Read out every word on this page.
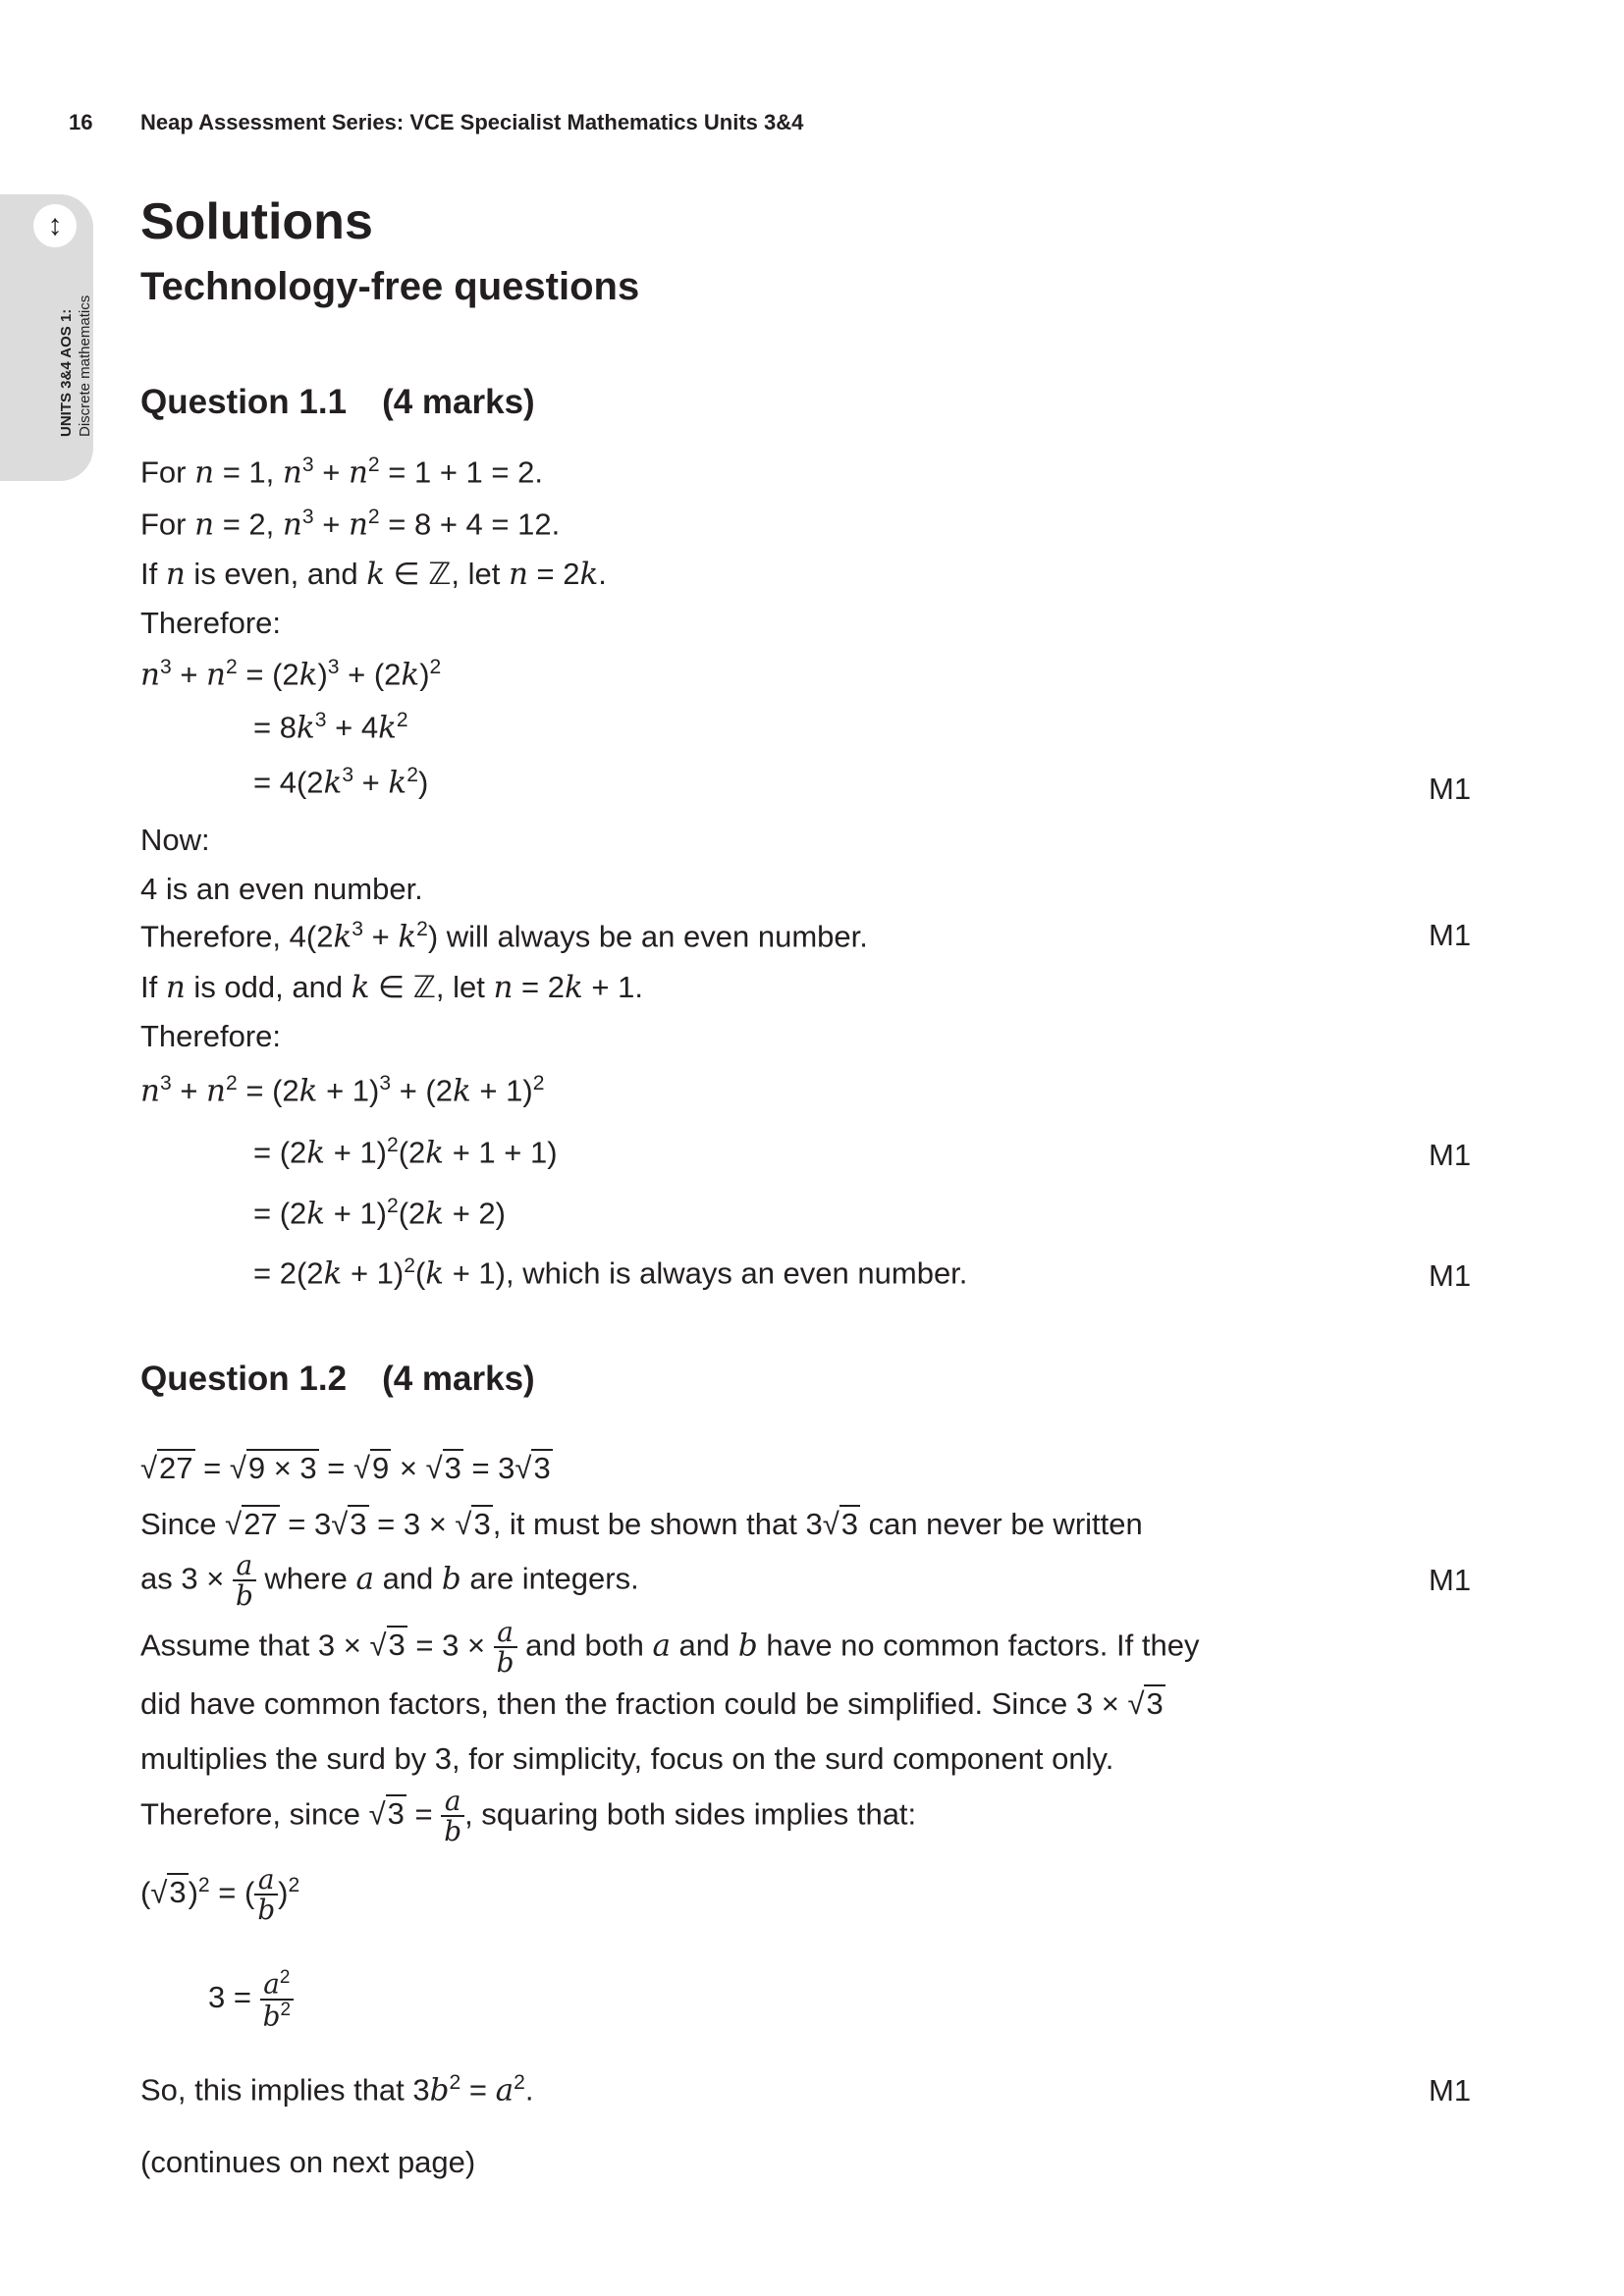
16 Neap Assessment Series: VCE Specialist Mathematics Units 3&4
↕
UNITS 3&4 AOS 1: Discrete mathematics
Solutions
Technology-free questions
Question 1.1 (4 marks)
For n = 1, $n^3 + n^2 = 1 + 1 = 2$.
For n = 2, $n^3 + n^2 = 8 + 4 = 12$.
If n is even, and k ∈ ℤ, let n = 2k.
Therefore:
$n^3 + n^2 = (2k)^3 + (2k)^2$
= $8k^3 + 4k^2$
= $4(2k^3 + k^2)$	M1
Now:
4 is an even number.
Therefore, $4(2k^3 + k^2)$ will always be an even number.	M1
If n is odd, and k ∈ ℤ, let n = 2k + 1.
Therefore:
$n^3 + n^2 = (2k + 1)^3 + (2k + 1)^2$
= $(2k + 1)^2(2k + 1 + 1)$	M1
= $(2k + 1)^2(2k + 2)$
= $2(2k + 1)^2(k + 1)$, which is always an even number.	M1
Question 1.2 (4 marks)
√27 = √9 × 3 = √9 × √3 = 3√3
Since √27 = 3√3 = 3 × √3, it must be shown that 3√3 can never be written
as $3 \times \frac{a}{b}$ where a and b are integers.	M1
Assume that $3 \times √3 = 3 \times \frac{a}{b}$ and both a and b have no common factors. If they
did have common factors, then the fraction could be simplified. Since 3 × √3
multiplies the surd by 3, for simplicity, focus on the surd component only.
Therefore, since $√3 = \frac{a}{b}$ , squaring both sides implies that:
$(√3)^2$ = ( $\frac{a}{b} )^2$
$3 = \frac{a^2}{b^2}$
So, this implies that $3b^2 = a^2$.	M1
(continues on next page)
